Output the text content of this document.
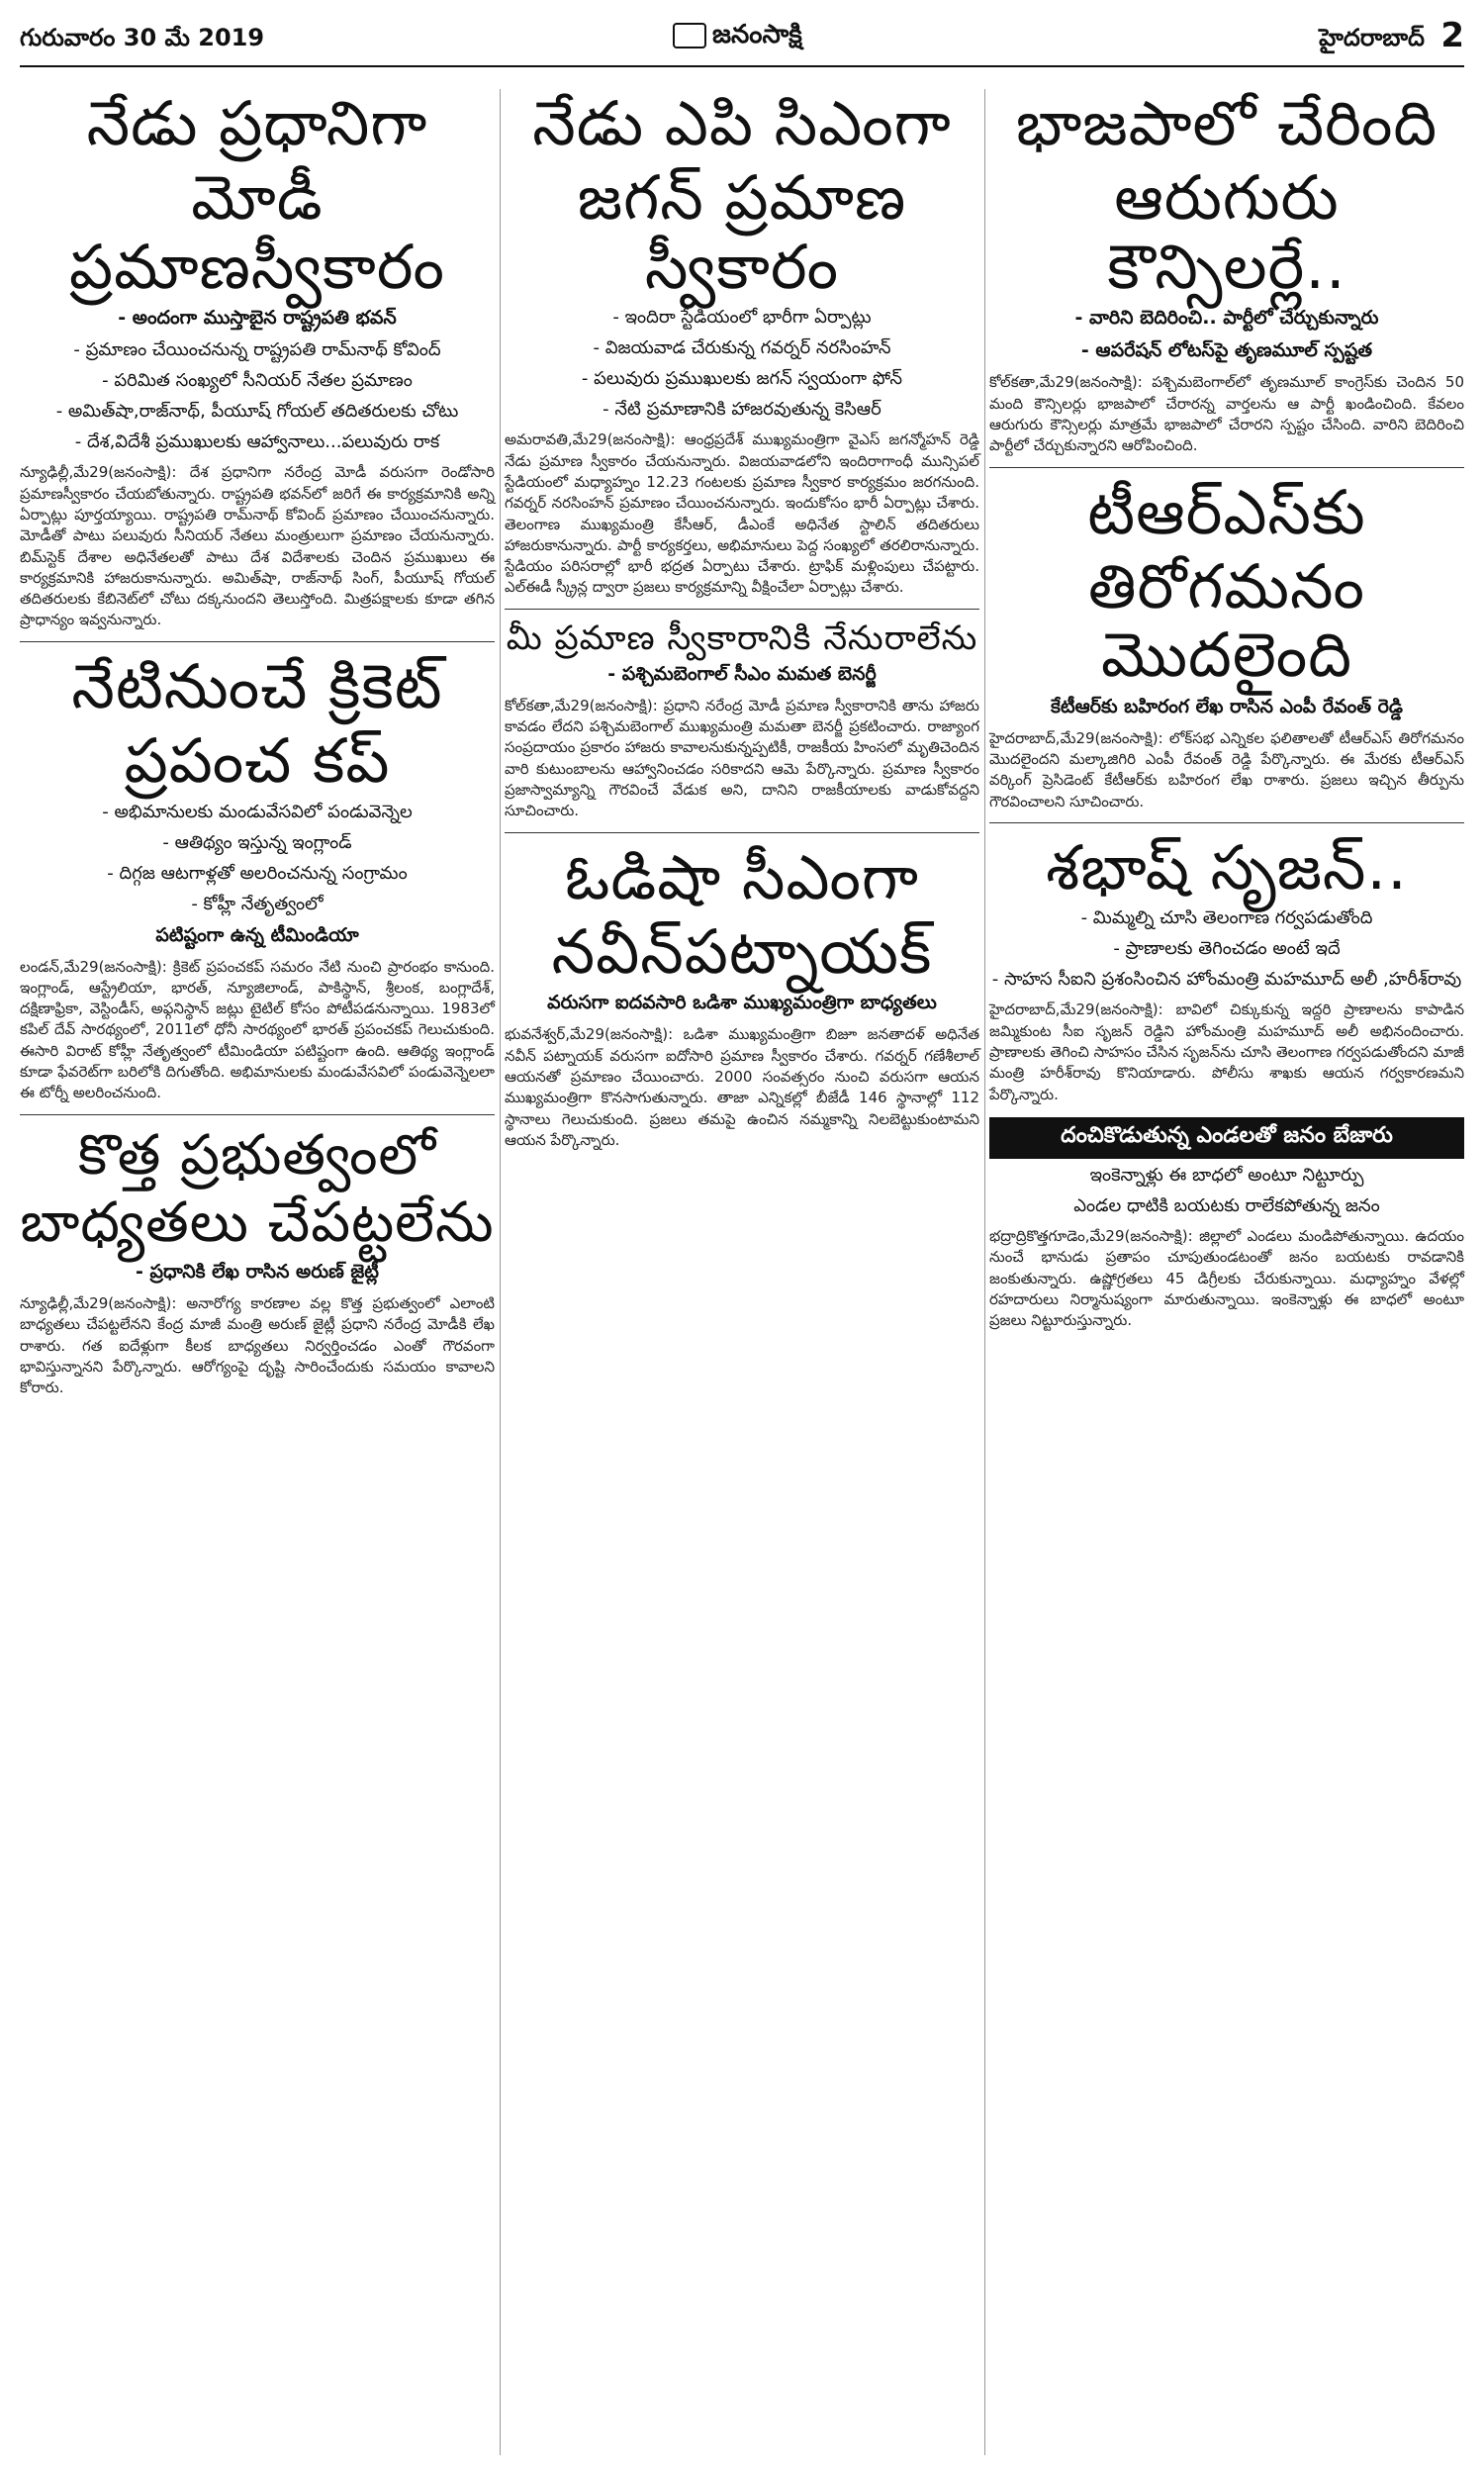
గురువారం 30 మే 2019	జనంసాక్షి	హైదరాబాద్ 2
నేడు ప్రధానిగా
మోడీ ప్రమాణస్వీకారం
- అందంగా ముస్తాబైన రాష్ట్రపతి భవన్
- ప్రమాణం చేయించనున్న రాష్ట్రపతి రామ్‌నాథ్ కోవింద్
- పరిమిత సంఖ్యలో సీనియర్ నేతల ప్రమాణం
- అమిత్‌షా,రాజ్‌నాథ్, పీయూష్ గోయల్ తదితరులకు చోటు
- దేశ,విదేశీ ప్రముఖులకు ఆహ్వానాలు...పలువురు రాక

న్యూఢిల్లీ,మే29(జనంసాక్షి): దేశ ప్రధానిగా నరేంద్ర మోడీ వరుసగా రెండోసారి ప్రమాణస్వీకారం చేయబోతున్నారు. రాష్ట్రపతి భవన్‌లో జరిగే ఈ కార్యక్రమానికి అన్ని ఏర్పాట్లు పూర్తయ్యాయి. రాష్ట్రపతి రామ్‌నాథ్ కోవింద్ ప్రమాణం చేయించనున్నారు. మోడీతో పాటు పలువురు సీనియర్ నేతలు మంత్రులుగా ప్రమాణం చేయనున్నారు. బిమ్‌స్టెక్ దేశాల అధినేతలతో పాటు దేశ విదేశాలకు చెందిన ప్రముఖులు ఈ కార్యక్రమానికి హాజరుకానున్నారు. అమిత్‌షా, రాజ్‌నాథ్ సింగ్, పీయూష్ గోయల్ తదితరులకు కేబినెట్‌లో చోటు దక్కనుందని తెలుస్తోంది. మిత్రపక్షాలకు కూడా తగిన ప్రాధాన్యం ఇవ్వనున్నారు.

నేటినుంచే క్రికెట్
ప్రపంచ కప్
- అభిమానులకు మండువేసవిలో పండువెన్నెల
- ఆతిథ్యం ఇస్తున్న ఇంగ్లాండ్
- దిగ్గజ ఆటగాళ్లతో అలరించనున్న సంగ్రామం
- కోహ్లీ నేతృత్వంలో
పటిష్టంగా ఉన్న టీమిండియా

లండన్,మే29(జనంసాక్షి): క్రికెట్ ప్రపంచకప్ సమరం నేటి నుంచి ప్రారంభం కానుంది. ఇంగ్లాండ్, ఆస్ట్రేలియా, భారత్, న్యూజిలాండ్, పాకిస్థాన్, శ్రీలంక, బంగ్లాదేశ్, దక్షిణాఫ్రికా, వెస్టిండీస్, అఫ్గనిస్థాన్ జట్లు టైటిల్ కోసం పోటీపడనున్నాయి. 1983లో కపిల్ దేవ్ సారథ్యంలో, 2011లో ధోనీ సారథ్యంలో భారత్ ప్రపంచకప్ గెలుచుకుంది. ఈసారి విరాట్ కోహ్లీ నేతృత్వంలో టీమిండియా పటిష్టంగా ఉంది. ఆతిథ్య ఇంగ్లాండ్ కూడా ఫేవరెట్‌గా బరిలోకి దిగుతోంది. అభిమానులకు మండువేసవిలో పండువెన్నెలలా ఈ టోర్నీ అలరించనుంది.

కొత్త ప్రభుత్వంలో
బాధ్యతలు చేపట్టలేను
- ప్రధానికి లేఖ రాసిన అరుణ్ జైట్లీ

న్యూఢిల్లీ,మే29(జనంసాక్షి): అనారోగ్య కారణాల వల్ల కొత్త ప్రభుత్వంలో ఎలాంటి బాధ్యతలు చేపట్టలేనని కేంద్ర మాజీ మంత్రి అరుణ్ జైట్లీ ప్రధాని నరేంద్ర మోడీకి లేఖ రాశారు. గత ఐదేళ్లుగా కీలక బాధ్యతలు నిర్వర్తించడం ఎంతో గౌరవంగా భావిస్తున్నానని పేర్కొన్నారు. ఆరోగ్యంపై దృష్టి సారించేందుకు సమయం కావాలని కోరారు.

నేడు ఎపి సిఎంగా
జగన్ ప్రమాణ స్వీకారం
- ఇందిరా స్టేడియంలో భారీగా ఏర్పాట్లు
- విజయవాడ చేరుకున్న గవర్నర్ నరసింహన్
- పలువురు ప్రముఖులకు జగన్ స్వయంగా ఫోన్
- నేటి ప్రమాణానికి హాజరవుతున్న కెసిఆర్

అమరావతి,మే29(జనంసాక్షి): ఆంధ్రప్రదేశ్ ముఖ్యమంత్రిగా వైఎస్ జగన్మోహన్ రెడ్డి నేడు ప్రమాణ స్వీకారం చేయనున్నారు. విజయవాడలోని ఇందిరాగాంధీ మున్సిపల్ స్టేడియంలో మధ్యాహ్నం 12.23 గంటలకు ప్రమాణ స్వీకార కార్యక్రమం జరగనుంది. గవర్నర్ నరసింహన్ ప్రమాణం చేయించనున్నారు. ఇందుకోసం భారీ ఏర్పాట్లు చేశారు. తెలంగాణ ముఖ్యమంత్రి కేసీఆర్, డీఎంకే అధినేత స్టాలిన్ తదితరులు హాజరుకానున్నారు. పార్టీ కార్యకర్తలు, అభిమానులు పెద్ద సంఖ్యలో తరలిరానున్నారు. స్టేడియం పరిసరాల్లో భారీ భద్రత ఏర్పాటు చేశారు. ట్రాఫిక్ మళ్లింపులు చేపట్టారు. ఎల్‌ఈడీ స్క్రీన్ల ద్వారా ప్రజలు కార్యక్రమాన్ని వీక్షించేలా ఏర్పాట్లు చేశారు.

మీ ప్రమాణ స్వీకారానికి నేనురాలేను
- పశ్చిమబెంగాల్ సీఎం మమత బెనర్జీ

కోల్‌కతా,మే29(జనంసాక్షి): ప్రధాని నరేంద్ర మోడీ ప్రమాణ స్వీకారానికి తాను హాజరు కావడం లేదని పశ్చిమబెంగాల్ ముఖ్యమంత్రి మమతా బెనర్జీ ప్రకటించారు. రాజ్యాంగ సంప్రదాయం ప్రకారం హాజరు కావాలనుకున్నప్పటికీ, రాజకీయ హింసలో మృతిచెందిన వారి కుటుంబాలను ఆహ్వానించడం సరికాదని ఆమె పేర్కొన్నారు. ప్రమాణ స్వీకారం ప్రజాస్వామ్యాన్ని గౌరవించే వేడుక అని, దానిని రాజకీయాలకు వాడుకోవద్దని సూచించారు.

ఓడిషా సీఎంగా
నవీన్‌పట్నాయక్
వరుసగా ఐదవసారి ఒడిశా ముఖ్యమంత్రిగా బాధ్యతలు

భువనేశ్వర్,మే29(జనంసాక్షి): ఒడిశా ముఖ్యమంత్రిగా బిజూ జనతాదళ్ అధినేత నవీన్ పట్నాయక్ వరుసగా ఐదోసారి ప్రమాణ స్వీకారం చేశారు. గవర్నర్ గణేశీలాల్ ఆయనతో ప్రమాణం చేయించారు. 2000 సంవత్సరం నుంచి వరుసగా ఆయన ముఖ్యమంత్రిగా కొనసాగుతున్నారు. తాజా ఎన్నికల్లో బీజేడీ 146 స్థానాల్లో 112 స్థానాలు గెలుచుకుంది. ప్రజలు తమపై ఉంచిన నమ్మకాన్ని నిలబెట్టుకుంటామని ఆయన పేర్కొన్నారు.

భాజపాలో చేరింది
ఆరుగురు కౌన్సిలర్లే..
- వారిని బెదిరించి.. పార్టీలో చేర్చుకున్నారు
- ఆపరేషన్ లోటస్‌పై తృణమూల్ స్పష్టత

కోల్‌కతా,మే29(జనంసాక్షి): పశ్చిమబెంగాల్‌లో తృణమూల్ కాంగ్రెస్‌కు చెందిన 50 మంది కౌన్సిలర్లు భాజపాలో చేరారన్న వార్తలను ఆ పార్టీ ఖండించింది. కేవలం ఆరుగురు కౌన్సిలర్లు మాత్రమే భాజపాలో చేరారని స్పష్టం చేసింది. వారిని బెదిరించి పార్టీలో చేర్చుకున్నారని ఆరోపించింది.

టీఆర్ఎస్‌కు
తిరోగమనం మొదలైంది
కేటీఆర్‌కు బహిరంగ లేఖ రాసిన ఎంపీ రేవంత్ రెడ్డి

హైదరాబాద్,మే29(జనంసాక్షి): లోక్‌సభ ఎన్నికల ఫలితాలతో టీఆర్ఎస్ తిరోగమనం మొదలైందని మల్కాజిగిరి ఎంపీ రేవంత్ రెడ్డి పేర్కొన్నారు. ఈ మేరకు టీఆర్ఎస్ వర్కింగ్ ప్రెసిడెంట్ కేటీఆర్‌కు బహిరంగ లేఖ రాశారు. ప్రజలు ఇచ్చిన తీర్పును గౌరవించాలని సూచించారు.

శభాష్ సృజన్..
- మిమ్మల్ని చూసి తెలంగాణ గర్వపడుతోంది
- ప్రాణాలకు తెగించడం అంటే ఇదే
- సాహస సీఐని ప్రశంసించిన హోంమంత్రి మహమూద్ అలీ ,హరీశ్‌రావు

హైదరాబాద్,మే29(జనంసాక్షి): బావిలో చిక్కుకున్న ఇద్దరి ప్రాణాలను కాపాడిన జమ్మికుంట సీఐ సృజన్ రెడ్డిని హోంమంత్రి మహమూద్ అలీ అభినందించారు. ప్రాణాలకు తెగించి సాహసం చేసిన సృజన్‌ను చూసి తెలంగాణ గర్వపడుతోందని మాజీ మంత్రి హరీశ్‌రావు కొనియాడారు. పోలీసు శాఖకు ఆయన గర్వకారణమని పేర్కొన్నారు.

దంచికొడుతున్న ఎండలతో జనం బేజారు
ఇంకెన్నాళ్లు ఈ బాధలో అంటూ నిట్టూర్పు
ఎండల ధాటికి బయటకు రాలేకపోతున్న జనం

భద్రాద్రికొత్తగూడెం,మే29(జనంసాక్షి): జిల్లాలో ఎండలు మండిపోతున్నాయి. ఉదయం నుంచే భానుడు ప్రతాపం చూపుతుండటంతో జనం బయటకు రావడానికి జంకుతున్నారు. ఉష్ణోగ్రతలు 45 డిగ్రీలకు చేరుకున్నాయి. మధ్యాహ్నం వేళల్లో రహదారులు నిర్మానుష్యంగా మారుతున్నాయి. ఇంకెన్నాళ్లు ఈ బాధలో అంటూ ప్రజలు నిట్టూరుస్తున్నారు.
